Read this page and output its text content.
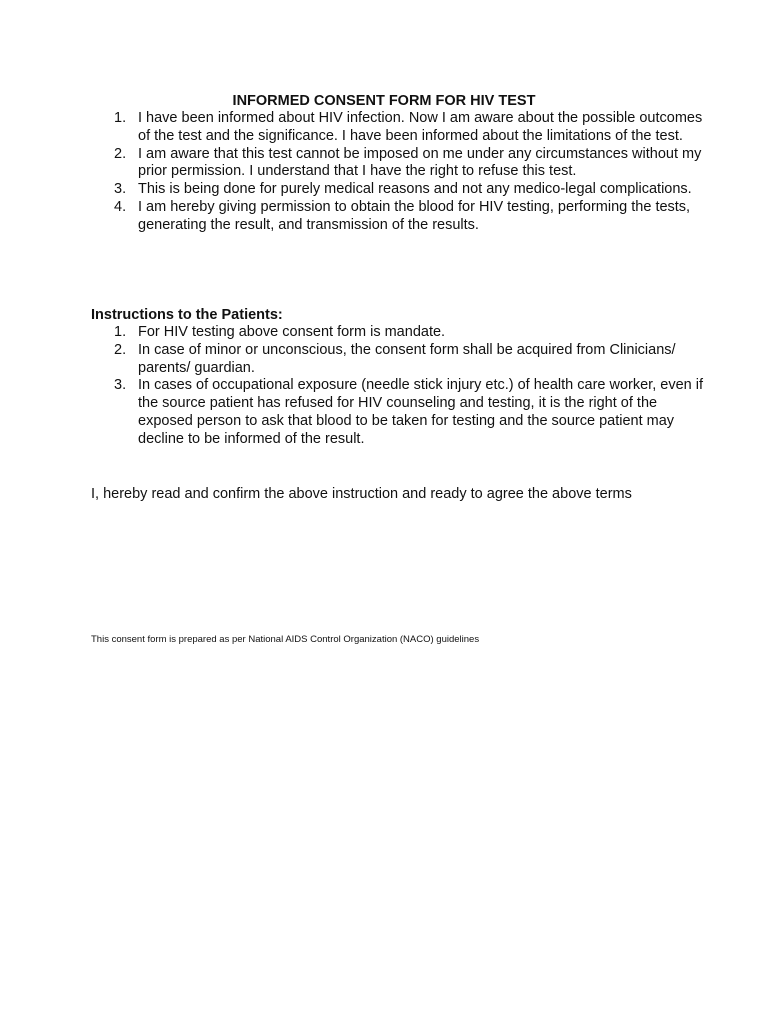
INFORMED CONSENT FORM FOR HIV TEST
1. I have been informed about HIV infection. Now I am aware about the possible outcomes of the test and the significance. I have been informed about the limitations of the test.
2. I am aware that this test cannot be imposed on me under any circumstances without my prior permission. I understand that I have the right to refuse this test.
3. This is being done for purely medical reasons and not any medico-legal complications.
4. I am hereby giving permission to obtain the blood for HIV testing, performing the tests, generating the result, and transmission of the results.
Instructions to the Patients:
1. For HIV testing above consent form is mandate.
2. In case of minor or unconscious, the consent form shall be acquired from Clinicians/ parents/ guardian.
3. In cases of occupational exposure (needle stick injury etc.) of health care worker, even if the source patient has refused for HIV counseling and testing, it is the right of the exposed person to ask that blood to be taken for testing and the source patient may decline to be informed of the result.

I, hereby read and confirm the above instruction and ready to agree the above terms

This consent form is prepared as per National AIDS Control Organization (NACO) guidelines
